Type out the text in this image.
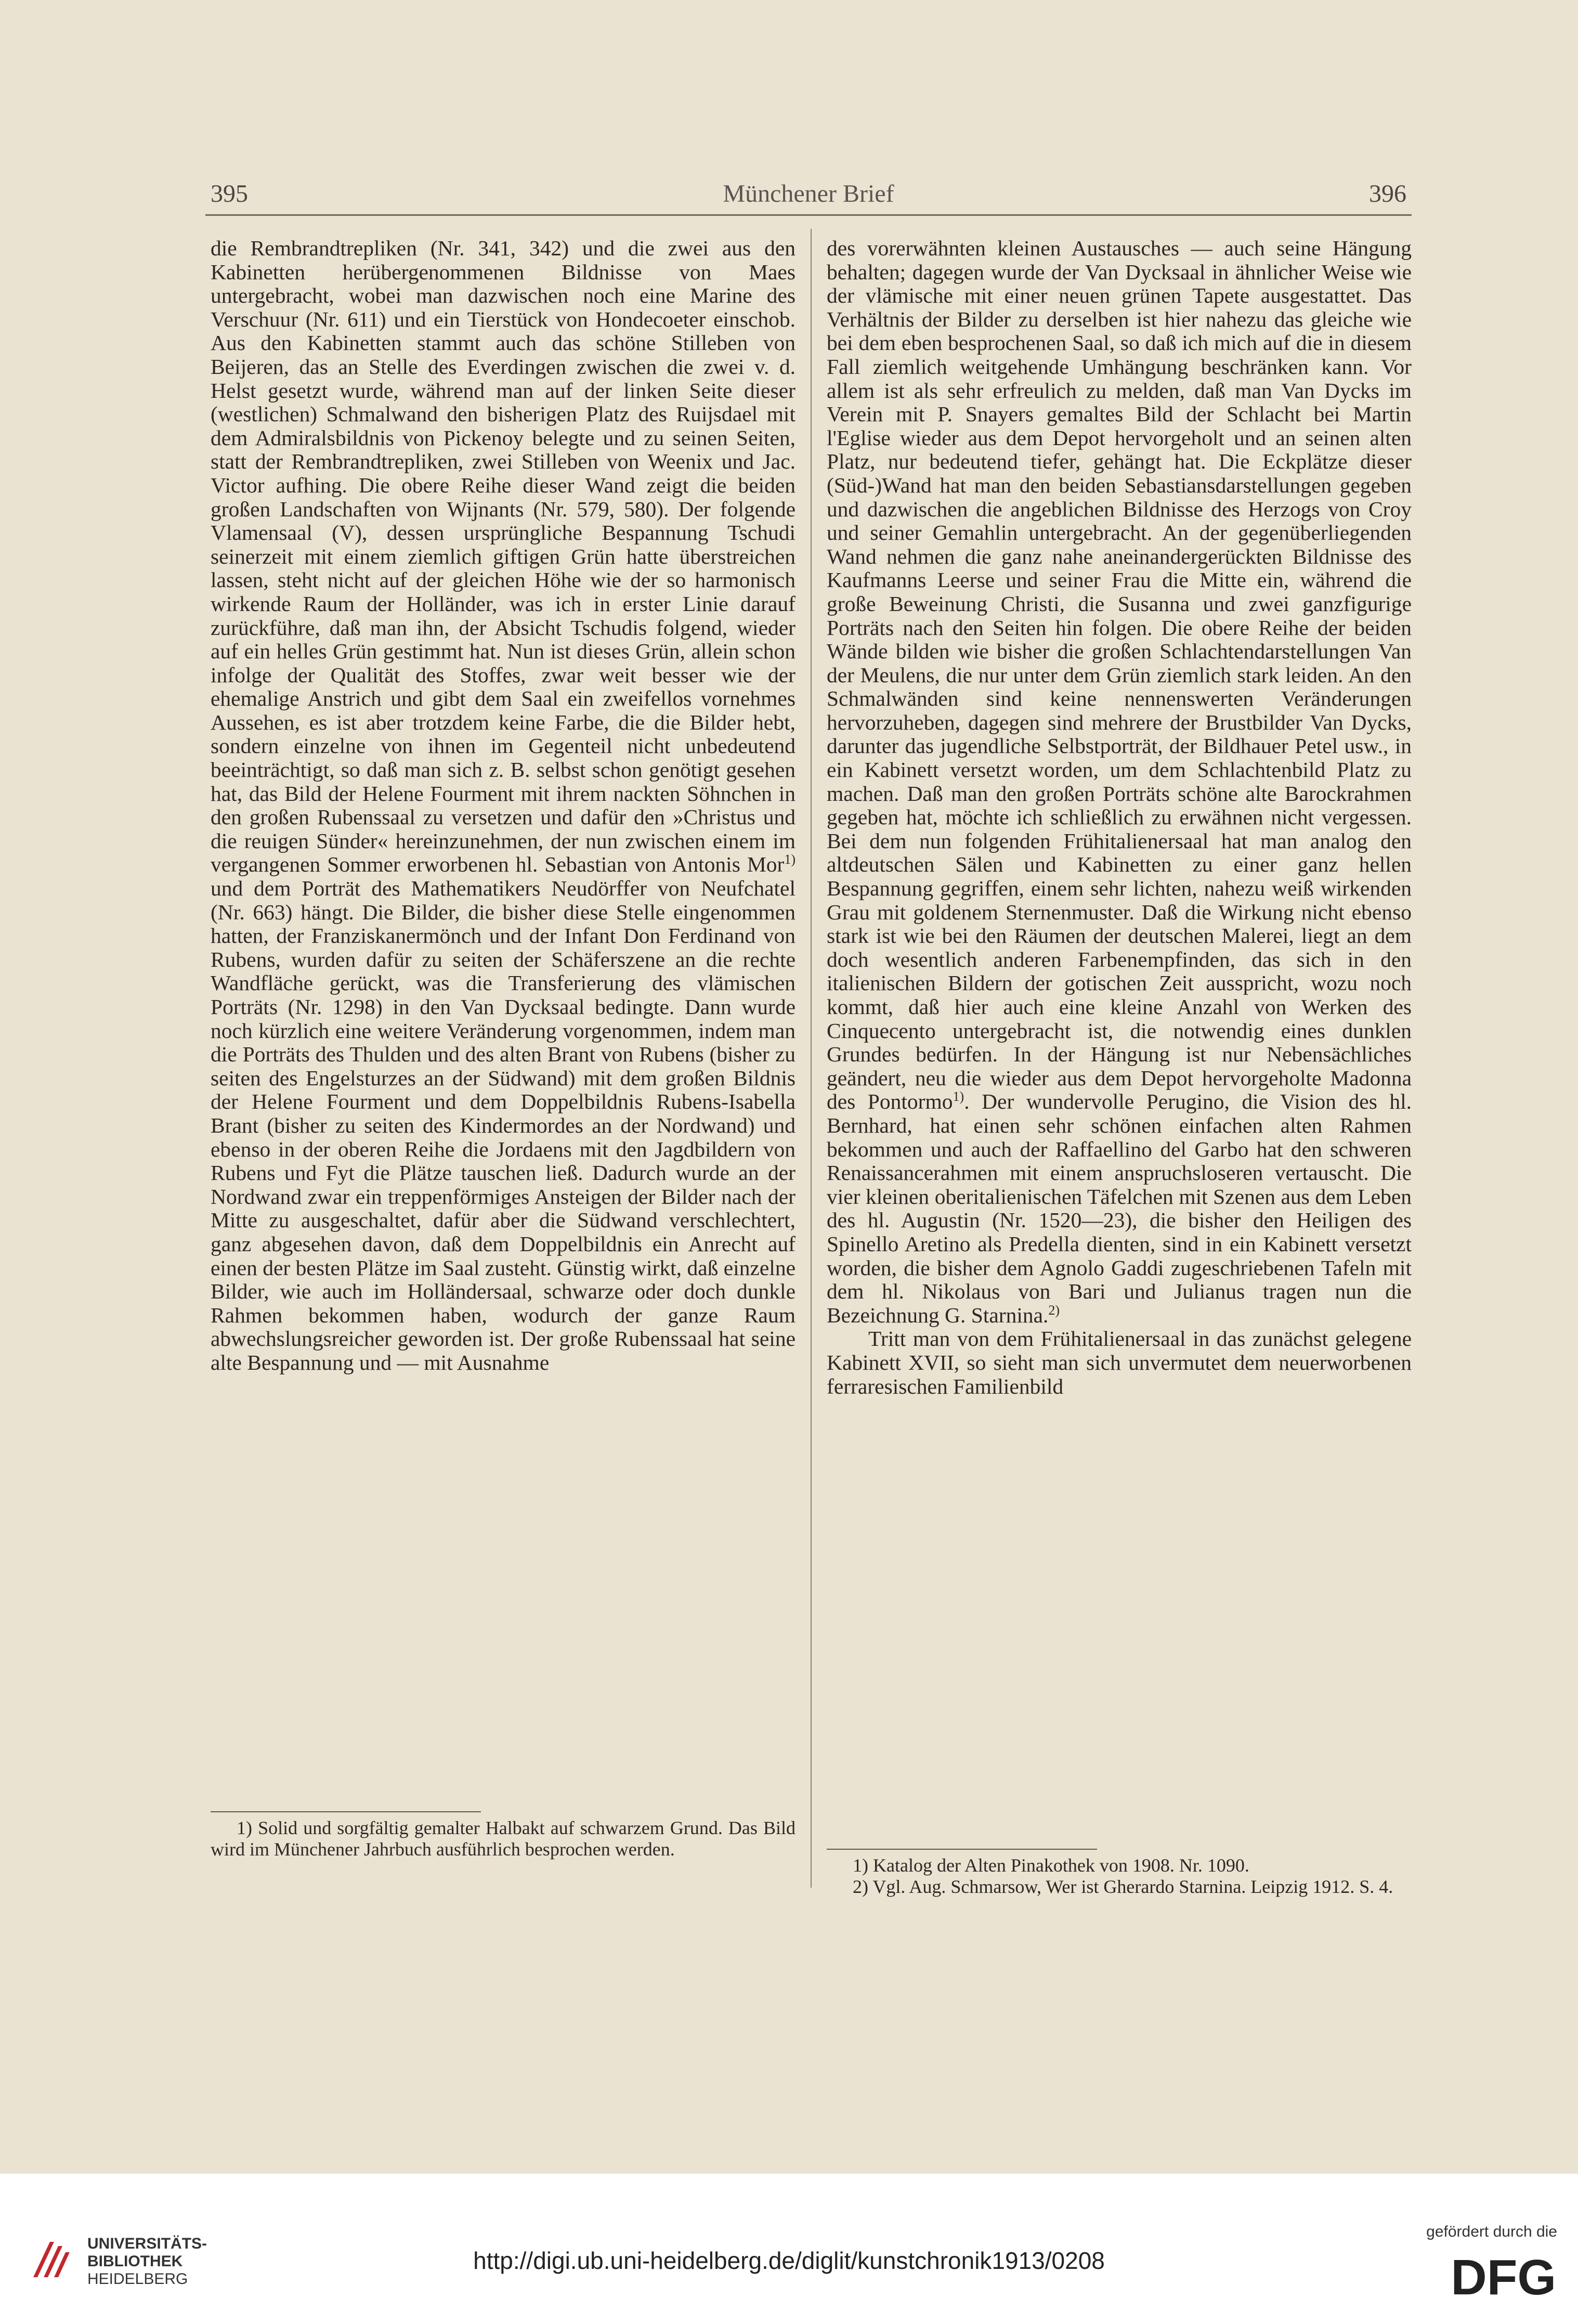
395	Münchener Brief	396

die Rembrandtrepliken (Nr. 341, 342) und die zwei aus den Kabinetten herübergenommenen Bildnisse von Maes untergebracht, wobei man dazwischen noch eine Marine des Verschuur (Nr. 611) und ein Tierstück von Hondecoeter einschob. Aus den Kabinetten stammt auch das schöne Stilleben von Beijeren, das an Stelle des Everdingen zwischen die zwei v. d. Helst gesetzt wurde, während man auf der linken Seite dieser (westlichen) Schmalwand den bisherigen Platz des Ruijsdael mit dem Admiralsbildnis von Pickenoy belegte und zu seinen Seiten, statt der Rembrandtrepliken, zwei Stilleben von Weenix und Jac. Victor aufhing. Die obere Reihe dieser Wand zeigt die beiden großen Landschaften von Wijnants (Nr. 579, 580). Der folgende Vlamensaal (V), dessen ursprüngliche Bespannung Tschudi seinerzeit mit einem ziemlich giftigen Grün hatte überstreichen lassen, steht nicht auf der gleichen Höhe wie der so harmonisch wirkende Raum der Holländer, was ich in erster Linie darauf zurückführe, daß man ihn, der Absicht Tschudis folgend, wieder auf ein helles Grün gestimmt hat. Nun ist dieses Grün, allein schon infolge der Qualität des Stoffes, zwar weit besser wie der ehemalige Anstrich und gibt dem Saal ein zweifellos vornehmes Aussehen, es ist aber trotzdem keine Farbe, die die Bilder hebt, sondern einzelne von ihnen im Gegenteil nicht unbedeutend beeinträchtigt, so daß man sich z. B. selbst schon genötigt gesehen hat, das Bild der Helene Fourment mit ihrem nackten Söhnchen in den großen Rubenssaal zu versetzen und dafür den »Christus und die reuigen Sünder« hereinzunehmen, der nun zwischen einem im vergangenen Sommer erworbenen hl. Sebastian von Antonis Mor$^{1)}$ und dem Porträt des Mathematikers Neudörffer von Neufchatel (Nr. 663) hängt. Die Bilder, die bisher diese Stelle eingenommen hatten, der Franziskanermönch und der Infant Don Ferdinand von Rubens, wurden dafür zu seiten der Schäferszene an die rechte Wandfläche gerückt, was die Transferierung des vlämischen Porträts (Nr. 1298) in den Van Dycksaal bedingte. Dann wurde noch kürzlich eine weitere Veränderung vorgenommen, indem man die Porträts des Thulden und des alten Brant von Rubens (bisher zu seiten des Engelsturzes an der Südwand) mit dem großen Bildnis der Helene Fourment und dem Doppelbildnis Rubens-Isabella Brant (bisher zu seiten des Kindermordes an der Nordwand) und ebenso in der oberen Reihe die Jordaens mit den Jagdbildern von Rubens und Fyt die Plätze tauschen ließ. Dadurch wurde an der Nordwand zwar ein treppenförmiges Ansteigen der Bilder nach der Mitte zu ausgeschaltet, dafür aber die Südwand verschlechtert, ganz abgesehen davon, daß dem Doppelbildnis ein Anrecht auf einen der besten Plätze im Saal zusteht. Günstig wirkt, daß einzelne Bilder, wie auch im Holländersaal, schwarze oder doch dunkle Rahmen bekommen haben, wodurch der ganze Raum abwechslungsreicher geworden ist. Der große Rubenssaal hat seine alte Bespannung und — mit Ausnahme

des vorerwähnten kleinen Austausches — auch seine Hängung behalten; dagegen wurde der Van Dycksaal in ähnlicher Weise wie der vlämische mit einer neuen grünen Tapete ausgestattet. Das Verhältnis der Bilder zu derselben ist hier nahezu das gleiche wie bei dem eben besprochenen Saal, so daß ich mich auf die in diesem Fall ziemlich weitgehende Umhängung beschränken kann. Vor allem ist als sehr erfreulich zu melden, daß man Van Dycks im Verein mit P. Snayers gemaltes Bild der Schlacht bei Martin l'Eglise wieder aus dem Depot hervorgeholt und an seinen alten Platz, nur bedeutend tiefer, gehängt hat. Die Eckplätze dieser (Süd-)Wand hat man den beiden Sebastiansdarstellungen gegeben und dazwischen die angeblichen Bildnisse des Herzogs von Croy und seiner Gemahlin untergebracht. An der gegenüberliegenden Wand nehmen die ganz nahe aneinandergerückten Bildnisse des Kaufmanns Leerse und seiner Frau die Mitte ein, während die große Beweinung Christi, die Susanna und zwei ganzfigurige Porträts nach den Seiten hin folgen. Die obere Reihe der beiden Wände bilden wie bisher die großen Schlachtendarstellungen Van der Meulens, die nur unter dem Grün ziemlich stark leiden. An den Schmalwänden sind keine nennenswerten Veränderungen hervorzuheben, dagegen sind mehrere der Brustbilder Van Dycks, darunter das jugendliche Selbstporträt, der Bildhauer Petel usw., in ein Kabinett versetzt worden, um dem Schlachtenbild Platz zu machen. Daß man den großen Porträts schöne alte Barockrahmen gegeben hat, möchte ich schließlich zu erwähnen nicht vergessen. Bei dem nun folgenden Frühitalienersaal hat man analog den altdeutschen Sälen und Kabinetten zu einer ganz hellen Bespannung gegriffen, einem sehr lichten, nahezu weiß wirkenden Grau mit goldenem Sternenmuster. Daß die Wirkung nicht ebenso stark ist wie bei den Räumen der deutschen Malerei, liegt an dem doch wesentlich anderen Farbenempfinden, das sich in den italienischen Bildern der gotischen Zeit ausspricht, wozu noch kommt, daß hier auch eine kleine Anzahl von Werken des Cinquecento untergebracht ist, die notwendig eines dunklen Grundes bedürfen. In der Hängung ist nur Nebensächliches geändert, neu die wieder aus dem Depot hervorgeholte Madonna des Pontormo$^{1)}$. Der wundervolle Perugino, die Vision des hl. Bernhard, hat einen sehr schönen einfachen alten Rahmen bekommen und auch der Raffaellino del Garbo hat den schweren Renaissancerahmen mit einem anspruchsloseren vertauscht. Die vier kleinen oberitalienischen Täfelchen mit Szenen aus dem Leben des hl. Augustin (Nr. 1520—23), die bisher den Heiligen des Spinello Aretino als Predella dienten, sind in ein Kabinett versetzt worden, die bisher dem Agnolo Gaddi zugeschriebenen Tafeln mit dem hl. Nikolaus von Bari und Julianus tragen nun die Bezeichnung G. Starnina.$^{2)}$

Tritt man von dem Frühitalienersaal in das zunächst gelegene Kabinett XVII, so sieht man sich unvermutet dem neuerworbenen ferraresischen Familienbild

1) Solid und sorgfältig gemalter Halbakt auf schwarzem Grund. Das Bild wird im Münchener Jahrbuch ausführlich besprochen werden.
1) Katalog der Alten Pinakothek von 1908. Nr. 1090.
2) Vgl. Aug. Schmarsow, Wer ist Gherardo Starnina. Leipzig 1912. S. 4.
UNIVERSITÄTS-
BIBLIOTHEK
HEIDELBERG
http://digi.ub.uni-heidelberg.de/diglit/kunstchronik1913/0208
gefördert durch die
DFG
